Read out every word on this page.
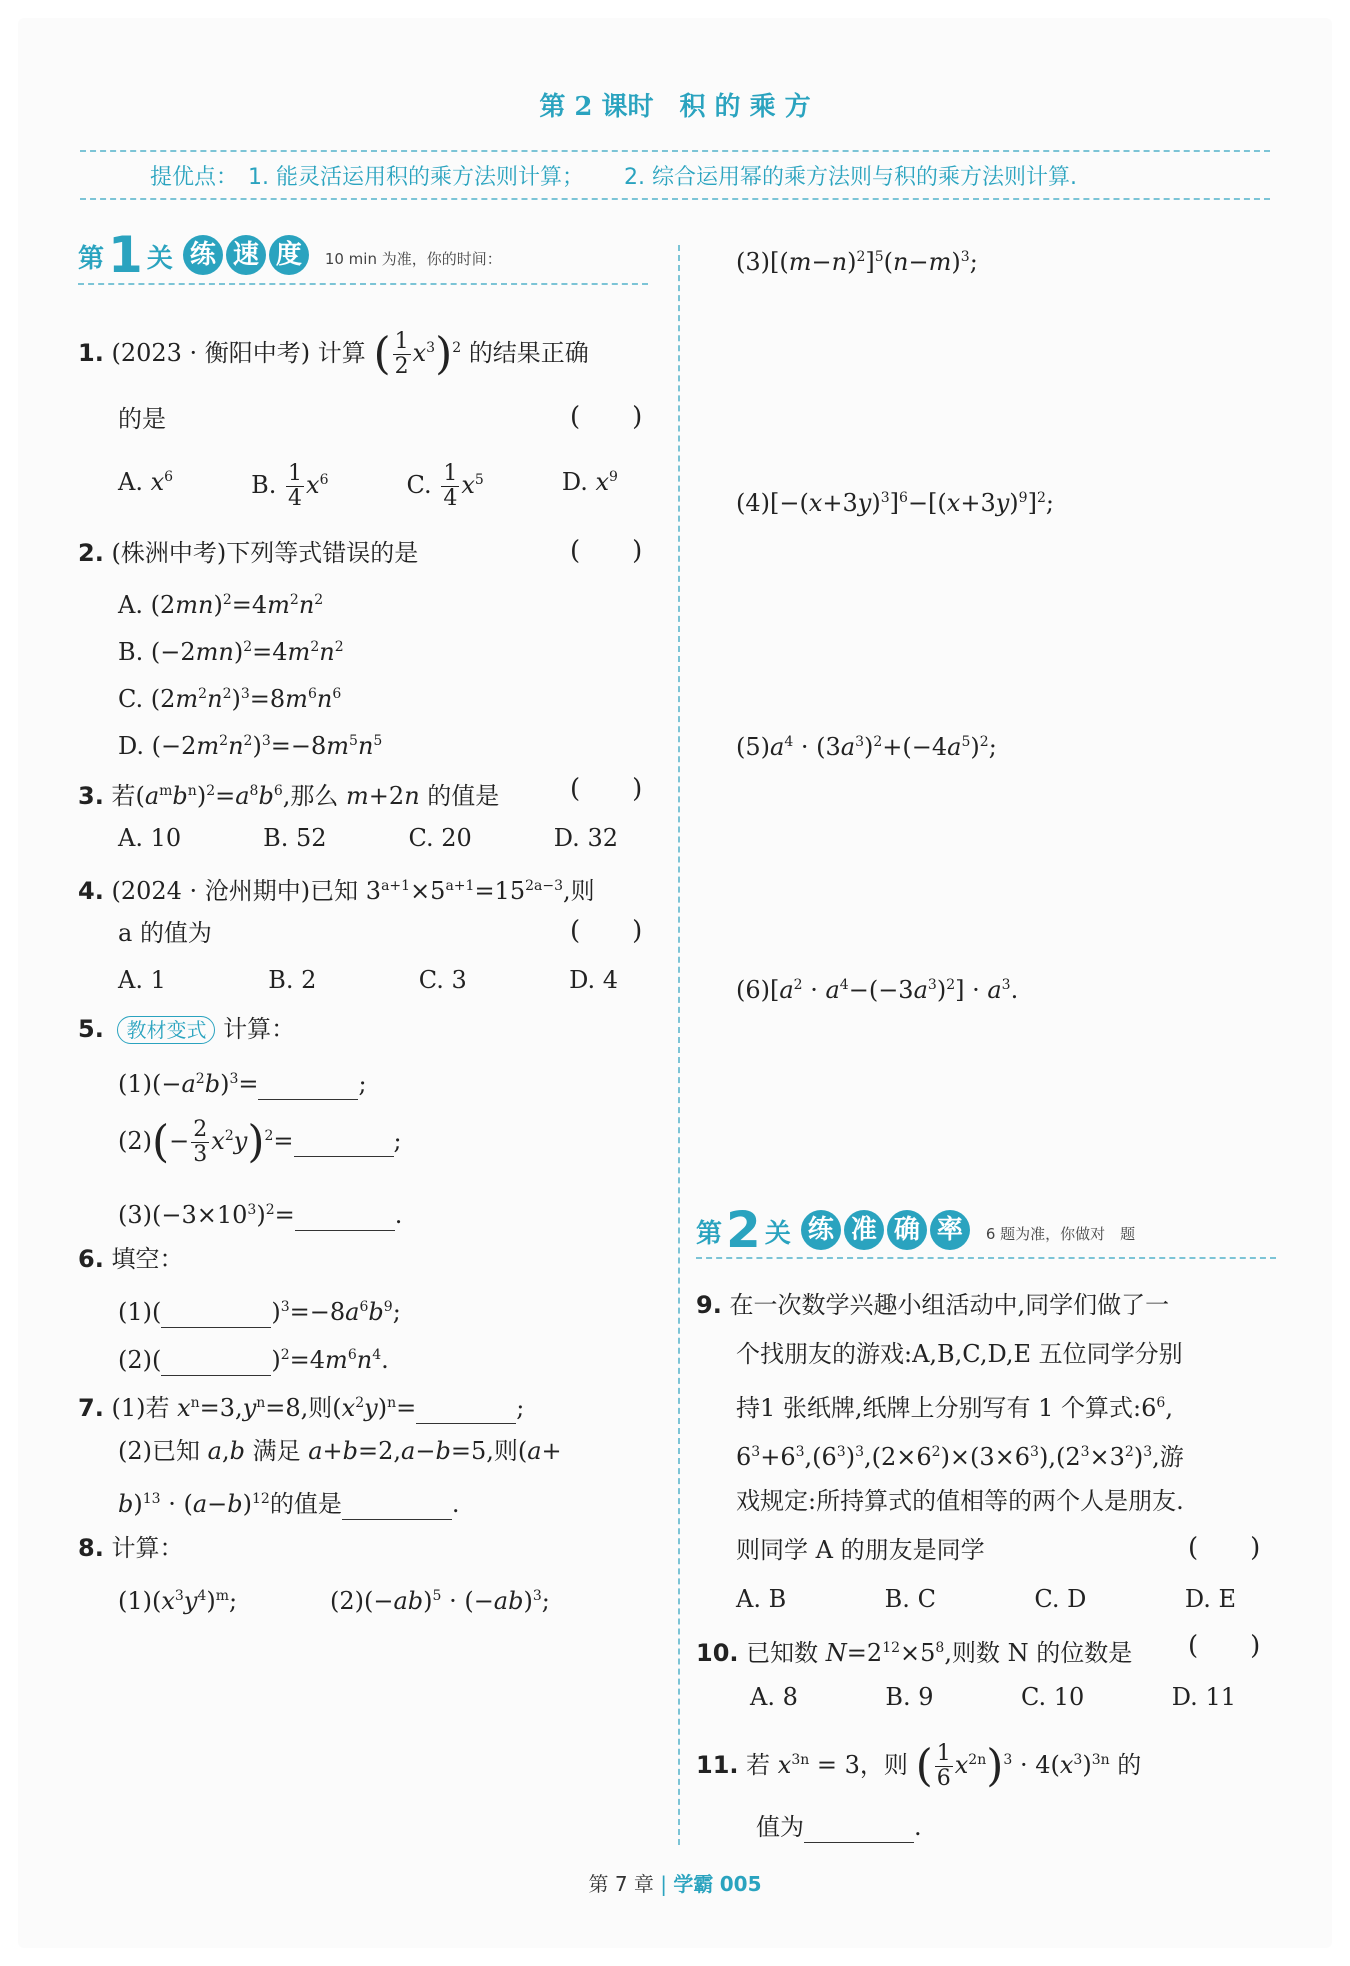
第 2 课时　积 的 乘 方
提优点： 1. 能灵活运用积的乘方法则计算； 2. 综合运用幂的乘方法则与积的乘方法则计算.
第 1 关 练 速 度	10 min 为准，你的时间：
1. (2023 · 衡阳中考) 计算 ( $\frac{1}{2} x^3)^2$ 的结果正确
的是	(　　)
A. $x^6$	B. $\frac{1}{4} x^6$	C. $\frac{1}{4} x^5$	D. $x^9$
2. (株洲中考)下列等式错误的是	(　　)
A. $(2mn)^2=4m^2n^2$
B. $(-2mn)^2=4m^2n^2$
C. $(2m^2n^2)^3=8m^6n^6$
D. $(-2m^2n^2)^3=-8m^5n^5$
3. 若$(a^mb^n)^2=a^8b^6$,那么 m+2n 的值是	(　　)
A. 10	B. 52	C. 20	D. 32
4. (2024 · 沧州期中)已知 $3^{a+1}\times 5^{a+1}=15^{2a-3}$,则
a 的值为	(　　)
A. 1	B. 2	C. 3	D. 4
5. 教材变式 计算：
$(1)(-a^2b)^3=$	;
$(2)(- \frac{2}{3} x^2y)^2=$	;
$(3)(-3\times 10^3)^2=$	.
6. 填空：
(1)(	)$^3=-8a^6b^9$;
(2)(	)$^2=4m^6n^4$.
7. (1)若 $x^n=3,y^n=8$,则$(x^2y)^n=$	;
(2)已知 a,b 满足 a+b=2,a−b=5,则(a+
$b)^{13} \cdot (a-b)^{12}$的值是	.
8. 计算：
$(1)(x^3y^4)^m$;	$(2)(-ab)^5 \cdot (-ab)^3$;
$(3)[(m-n)^2]^5(n-m)^3$;
$(4)[-(x+3y)^3]^6-[(x+3y)^9]^2$;
$(5)a^4 \cdot (3a^3)^2+(-4a^5)^2$;
$(6)[a^2 \cdot a^4-(-3a^3)^2] \cdot a^3$.
第 2 关 练 准 确 率	6 题为准，你做对　题
9. 在一次数学兴趣小组活动中,同学们做了一
个找朋友的游戏:A,B,C,D,E 五位同学分别
持1 张纸牌,纸牌上分别写有 1 个算式$:6^6$,
$6^3+6^3,(6^3)^3,(2\times 6^2)\times(3\times 6^3),(2^3\times 3^2)^3$,游
戏规定:所持算式的值相等的两个人是朋友.
则同学 A 的朋友是同学	(　　)
A. B	B. C	C. D	D. E
10. 已知数 $N=2^{12}\times 5^8$,则数 N 的位数是 (　　)
A. 8	B. 9	C. 10	D. 11
11. 若 $x^{3n} = 3$，则 ( $\frac{1}{6} x^{2n})^3 \cdot 4(x^3)^{3n}$ 的
值为	.
第 7 章 | 学霸 005
